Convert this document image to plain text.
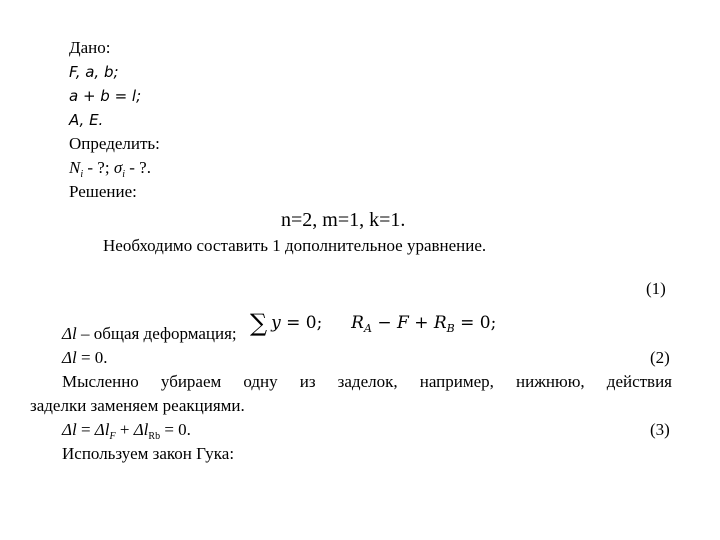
Дано:
F, a, b;
a + b = l;
A, E.
Определить:
$N_i$ - ?; $\sigma_i$ - ?.
Решение:
n=2, m=1, k=1.
Необходимо составить 1 дополнительное уравнение.
(1)
∑ y = 0; $R_A - F + R_B = 0$;
Δl – общая деформация;
Δl = 0.	(2)
Мысленно убираем одну из заделок, например, нижнюю, действия
заделки заменяем реакциями.
$\Delta l = \Delta l_F + \Delta l_{Rb} = 0$.	(3)
Используем закон Гука:
